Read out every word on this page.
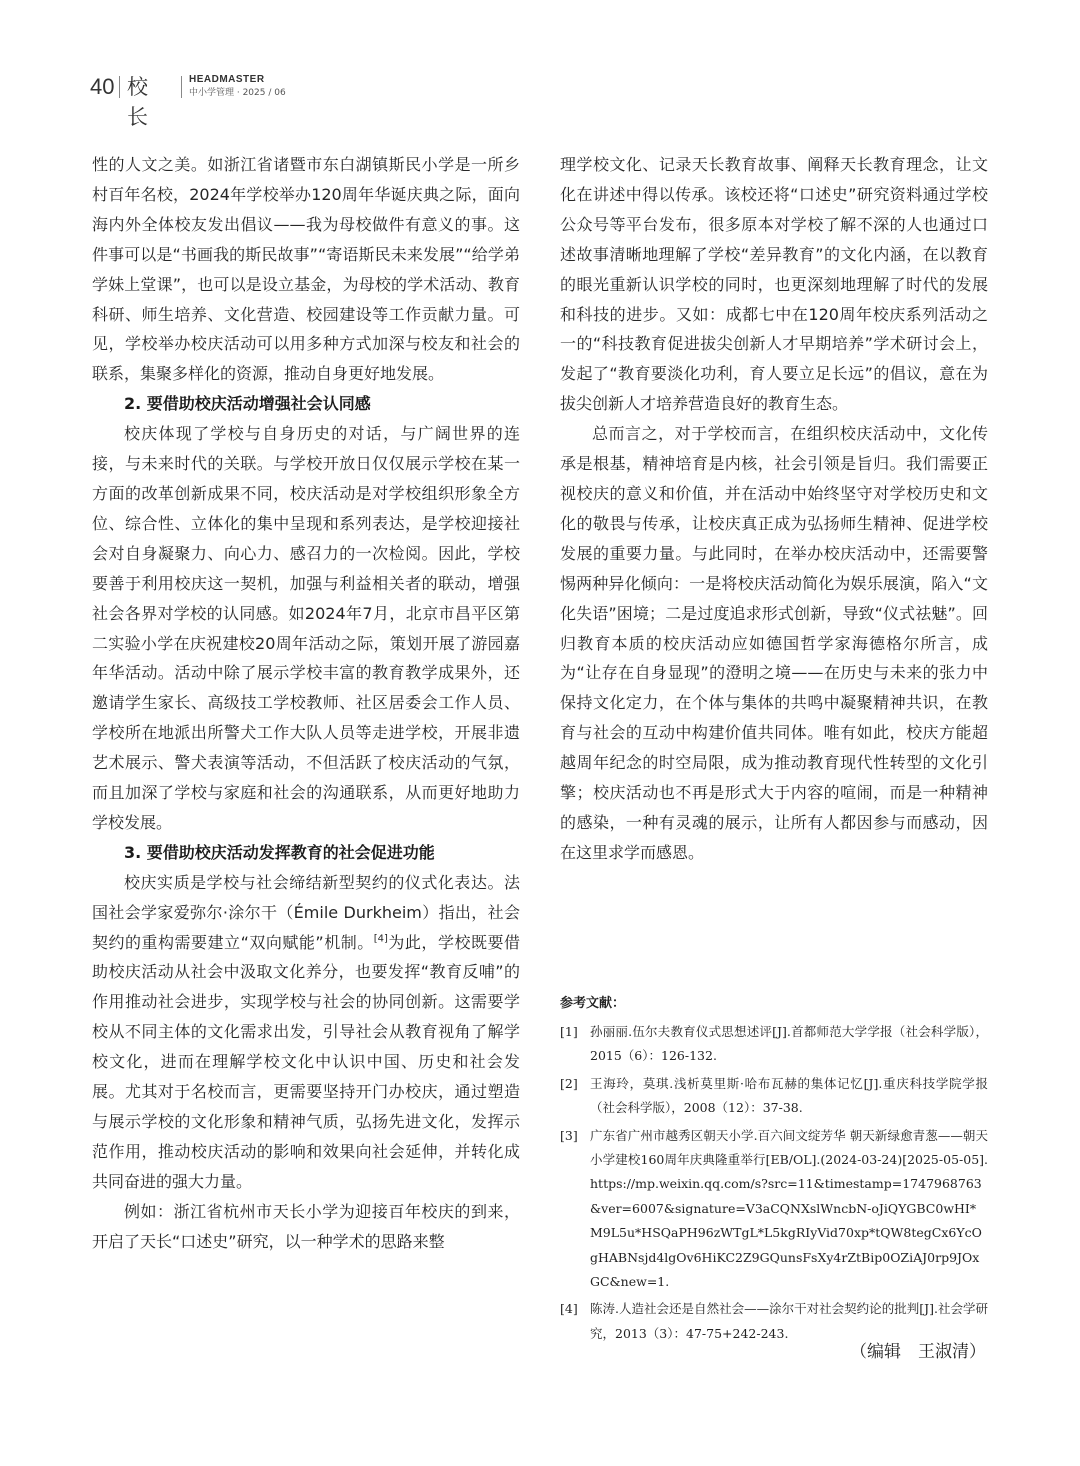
40 校长
HEADMASTER
中小学管理 · 2025 / 06

性的人文之美。如浙江省诸暨市东白湖镇斯民小学是一所乡村百年名校，2024年学校举办120周年华诞庆典之际，面向海内外全体校友发出倡议——我为母校做件有意义的事。这件事可以是“书画我的斯民故事”“寄语斯民未来发展”“给学弟学妹上堂课”，也可以是设立基金，为母校的学术活动、教育科研、师生培养、文化营造、校园建设等工作贡献力量。可见，学校举办校庆活动可以用多种方式加深与校友和社会的联系，集聚多样化的资源，推动自身更好地发展。

2. 要借助校庆活动增强社会认同感

校庆体现了学校与自身历史的对话，与广阔世界的连接，与未来时代的关联。与学校开放日仅仅展示学校在某一方面的改革创新成果不同，校庆活动是对学校组织形象全方位、综合性、立体化的集中呈现和系列表达，是学校迎接社会对自身凝聚力、向心力、感召力的一次检阅。因此，学校要善于利用校庆这一契机，加强与利益相关者的联动，增强社会各界对学校的认同感。如2024年7月，北京市昌平区第二实验小学在庆祝建校20周年活动之际，策划开展了游园嘉年华活动。活动中除了展示学校丰富的教育教学成果外，还邀请学生家长、高级技工学校教师、社区居委会工作人员、学校所在地派出所警犬工作大队人员等走进学校，开展非遗艺术展示、警犬表演等活动，不但活跃了校庆活动的气氛，而且加深了学校与家庭和社会的沟通联系，从而更好地助力学校发展。

3. 要借助校庆活动发挥教育的社会促进功能

校庆实质是学校与社会缔结新型契约的仪式化表达。法国社会学家爱弥尔·涂尔干（Émile Durkheim）指出，社会契约的重构需要建立“双向赋能”机制。[4]为此，学校既要借助校庆活动从社会中汲取文化养分，也要发挥“教育反哺”的作用推动社会进步，实现学校与社会的协同创新。这需要学校从不同主体的文化需求出发，引导社会从教育视角了解学校文化，进而在理解学校文化中认识中国、历史和社会发展。尤其对于名校而言，更需要坚持开门办校庆，通过塑造与展示学校的文化形象和精神气质，弘扬先进文化，发挥示范作用，推动校庆活动的影响和效果向社会延伸，并转化成共同奋进的强大力量。

例如：浙江省杭州市天长小学为迎接百年校庆的到来，开启了天长“口述史”研究，以一种学术的思路来整

理学校文化、记录天长教育故事、阐释天长教育理念，让文化在讲述中得以传承。该校还将“口述史”研究资料通过学校公众号等平台发布，很多原本对学校了解不深的人也通过口述故事清晰地理解了学校“差异教育”的文化内涵，在以教育的眼光重新认识学校的同时，也更深刻地理解了时代的发展和科技的进步。又如：成都七中在120周年校庆系列活动之一的“科技教育促进拔尖创新人才早期培养”学术研讨会上，发起了“教育要淡化功利，育人要立足长远”的倡议，意在为拔尖创新人才培养营造良好的教育生态。

总而言之，对于学校而言，在组织校庆活动中，文化传承是根基，精神培育是内核，社会引领是旨归。我们需要正视校庆的意义和价值，并在活动中始终坚守对学校历史和文化的敬畏与传承，让校庆真正成为弘扬师生精神、促进学校发展的重要力量。与此同时，在举办校庆活动中，还需要警惕两种异化倾向：一是将校庆活动简化为娱乐展演，陷入“文化失语”困境；二是过度追求形式创新，导致“仪式祛魅”。回归教育本质的校庆活动应如德国哲学家海德格尔所言，成为“让存在自身显现”的澄明之境——在历史与未来的张力中保持文化定力，在个体与集体的共鸣中凝聚精神共识，在教育与社会的互动中构建价值共同体。唯有如此，校庆方能超越周年纪念的时空局限，成为推动教育现代性转型的文化引擎；校庆活动也不再是形式大于内容的喧闹，而是一种精神的感染，一种有灵魂的展示，让所有人都因参与而感动，因在这里求学而感恩。

参考文献：

[1] 孙丽丽.伍尔夫教育仪式思想述评[J].首都师范大学学报（社会科学版），2015（6）：126-132.
[2] 王海玲，莫琪.浅析莫里斯·哈布瓦赫的集体记忆[J].重庆科技学院学报（社会科学版），2008（12）：37-38.
[3] 广东省广州市越秀区朝天小学.百六间文绽芳华 朝天新绿愈青葱——朝天小学建校160周年庆典隆重举行[EB/OL].(2024-03-24)[2025-05-05].https://mp.weixin.qq.com/s?src=11&timestamp=1747968763&ver=6007&signature=V3aCQNXslWncbN-oJiQYGBC0wHI*M9L5u*HSQaPH96zWTgL*L5kgRIyVid70xp*tQW8tegCx6YcOgHABNsjd4lgOv6HiKC2Z9GQunsFsXy4rZtBip0OZiAJ0rp9JOxGC&new=1.
[4] 陈涛.人造社会还是自然社会——涂尔干对社会契约论的批判[J].社会学研究，2013（3）：47-75+242-243.
（编辑　王淑清）
